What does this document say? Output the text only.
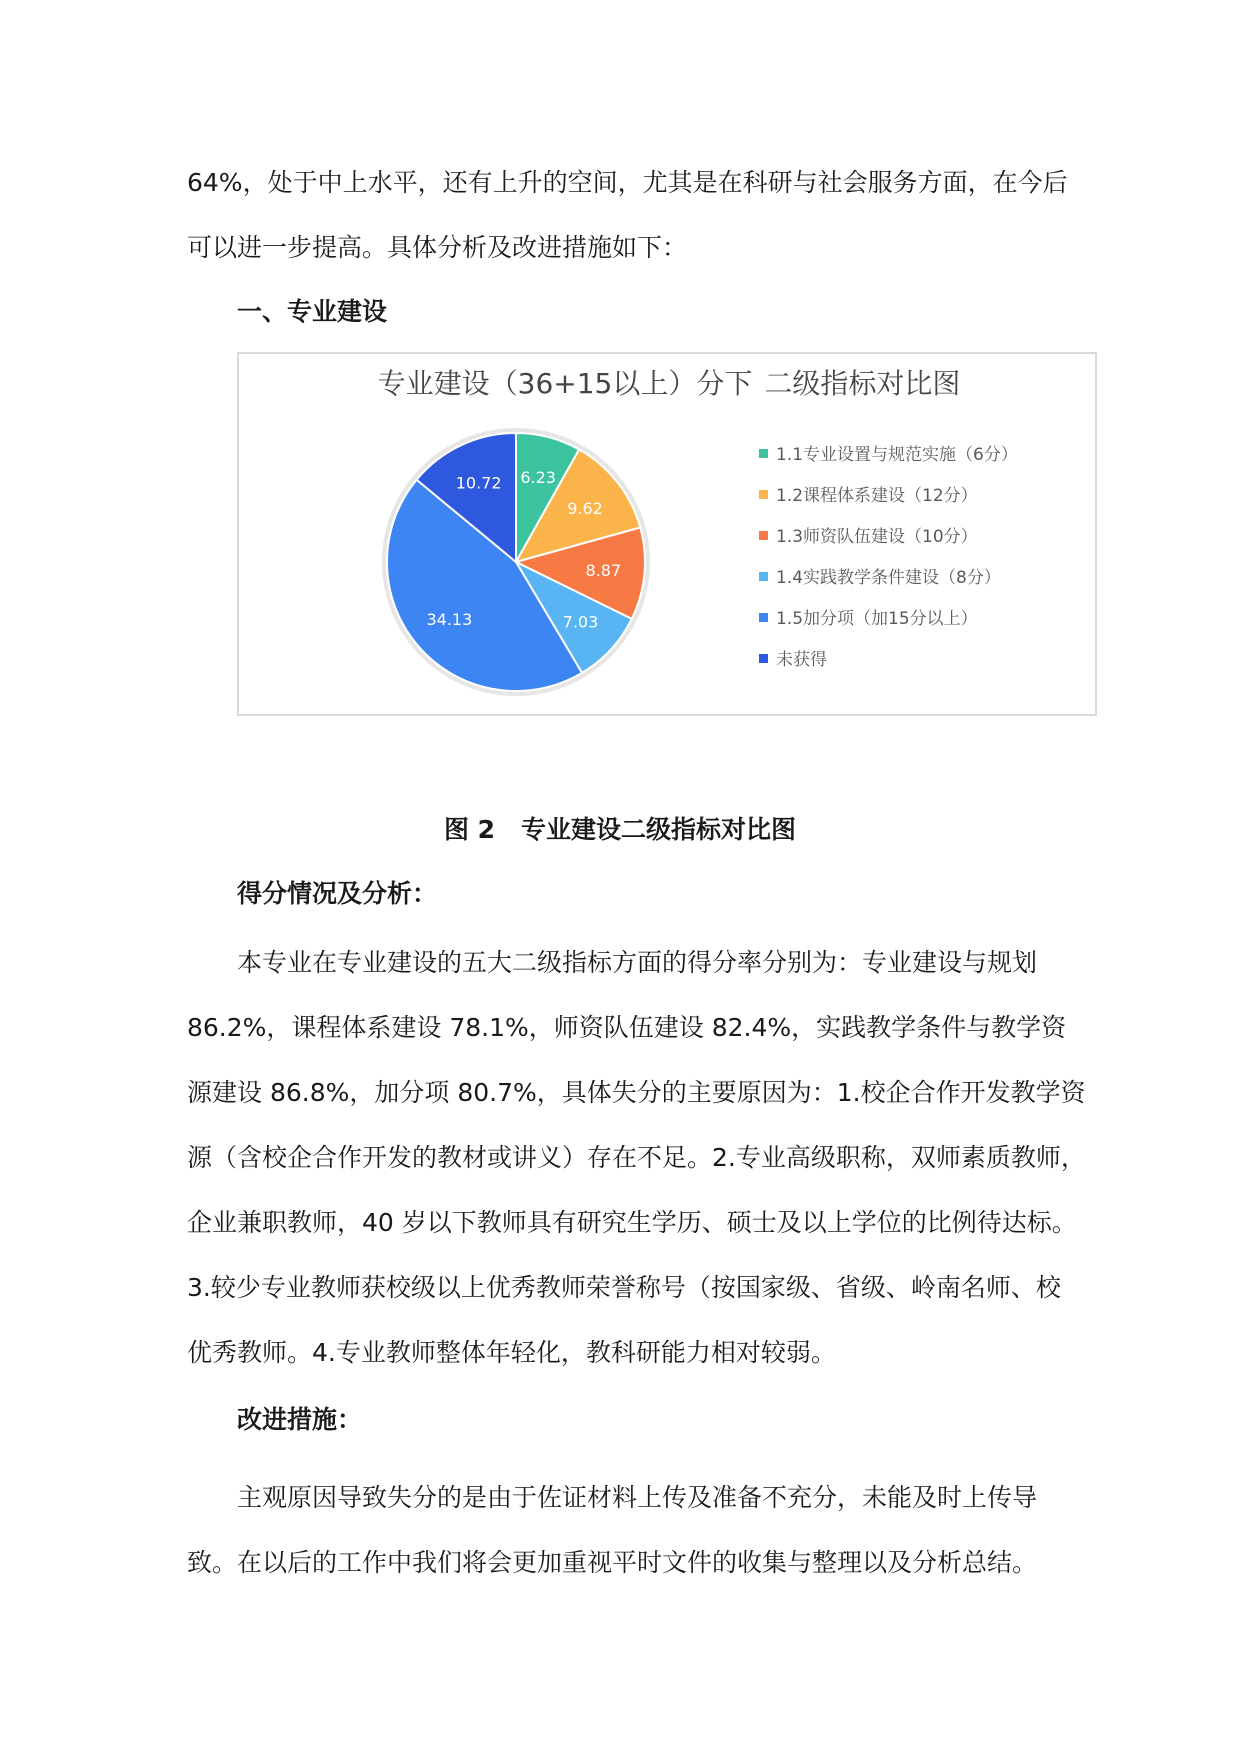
64%，处于中上水平，还有上升的空间，尤其是在科研与社会服务方面，在今后

可以进一步提高。具体分析及改进措施如下：

一、专业建设

专业建设（36+15以上）分下 二级指标对比图

6.23
9.62
8.87
7.03
34.13
10.72
1.1专业设置与规范实施（6分）
1.2课程体系建设（12分）
1.3师资队伍建设（10分）
1.4实践教学条件建设（8分）
1.5加分项（加15分以上）
未获得

图 2 专业建设二级指标对比图

得分情况及分析：

本专业在专业建设的五大二级指标方面的得分率分别为：专业建设与规划

86.2%，课程体系建设 78.1%，师资队伍建设 82.4%，实践教学条件与教学资

源建设 86.8%，加分项 80.7%，具体失分的主要原因为：1.校企合作开发教学资

源（含校企合作开发的教材或讲义）存在不足。2.专业高级职称，双师素质教师，

企业兼职教师，40 岁以下教师具有研究生学历、硕士及以上学位的比例待达标。

3.较少专业教师获校级以上优秀教师荣誉称号（按国家级、省级、岭南名师、校

优秀教师。4.专业教师整体年轻化，教科研能力相对较弱。

改进措施：

主观原因导致失分的是由于佐证材料上传及准备不充分，未能及时上传导

致。在以后的工作中我们将会更加重视平时文件的收集与整理以及分析总结。
